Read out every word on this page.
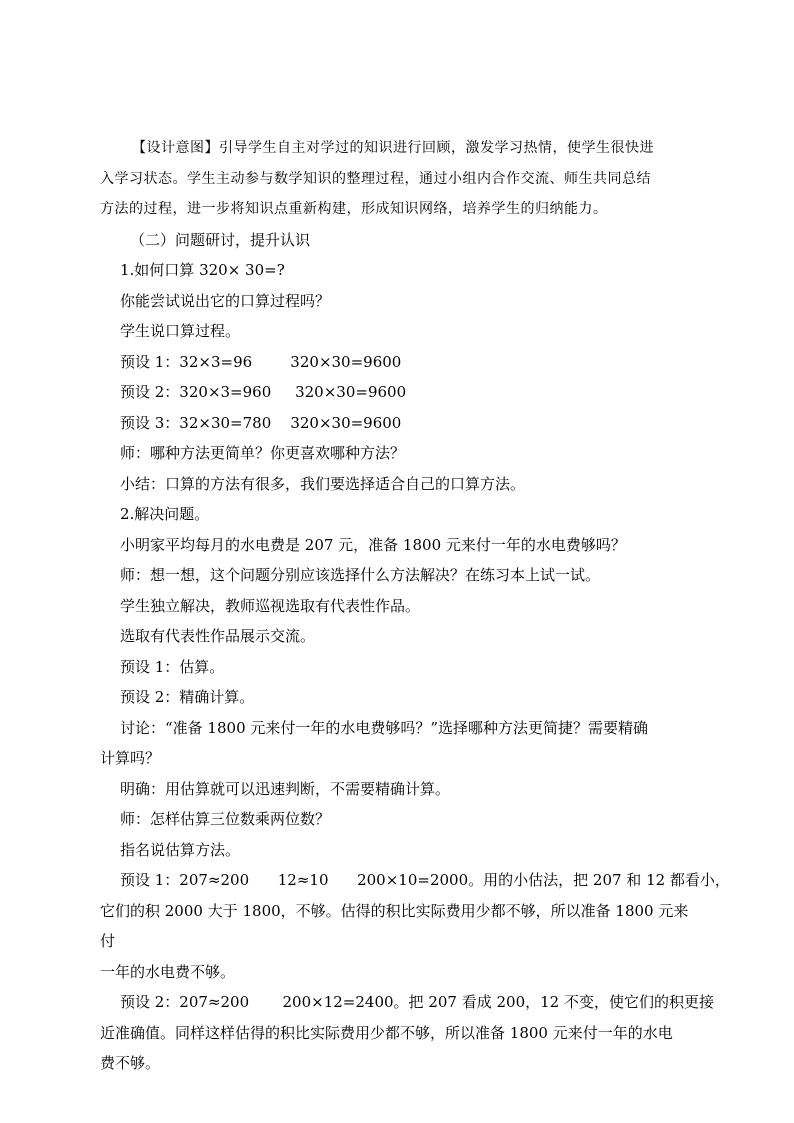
【设计意图】引导学生自主对学过的知识进行回顾，激发学习热情，使学生很快进

入学习状态。学生主动参与数学知识的整理过程，通过小组内合作交流、师生共同总结

方法的过程，进一步将知识点重新构建，形成知识网络，培养学生的归纳能力。

（二）问题研讨，提升认识

1.如何口算 320× 30=?

你能尝试说出它的口算过程吗？

学生说口算过程。

预设 1：32×3=96        320×30=9600

预设 2：320×3=960     320×30=9600

预设 3：32×30=780    320×30=9600

师：哪种方法更简单？你更喜欢哪种方法？

小结：口算的方法有很多，我们要选择适合自己的口算方法。

2.解决问题。

小明家平均每月的水电费是 207 元，准备 1800 元来付一年的水电费够吗？

师：想一想，这个问题分别应该选择什么方法解决？在练习本上试一试。

学生独立解决，教师巡视选取有代表性作品。

选取有代表性作品展示交流。

预设 1：估算。

预设 2：精确计算。

讨论：“准备 1800 元来付一年的水电费够吗？”选择哪种方法更简捷？需要精确

计算吗？

明确：用估算就可以迅速判断，不需要精确计算。

师：怎样估算三位数乘两位数？

指名说估算方法。

预设 1：207≈200      12≈10      200×10=2000。用的小估法，把 207 和 12 都看小，

它们的积 2000 大于 1800，不够。估得的积比实际费用少都不够，所以准备 1800 元来付

一年的水电费不够。

预设 2：207≈200       200×12=2400。把 207 看成 200，12 不变，使它们的积更接

近准确值。同样这样估得的积比实际费用少都不够，所以准备 1800 元来付一年的水电

费不够。
